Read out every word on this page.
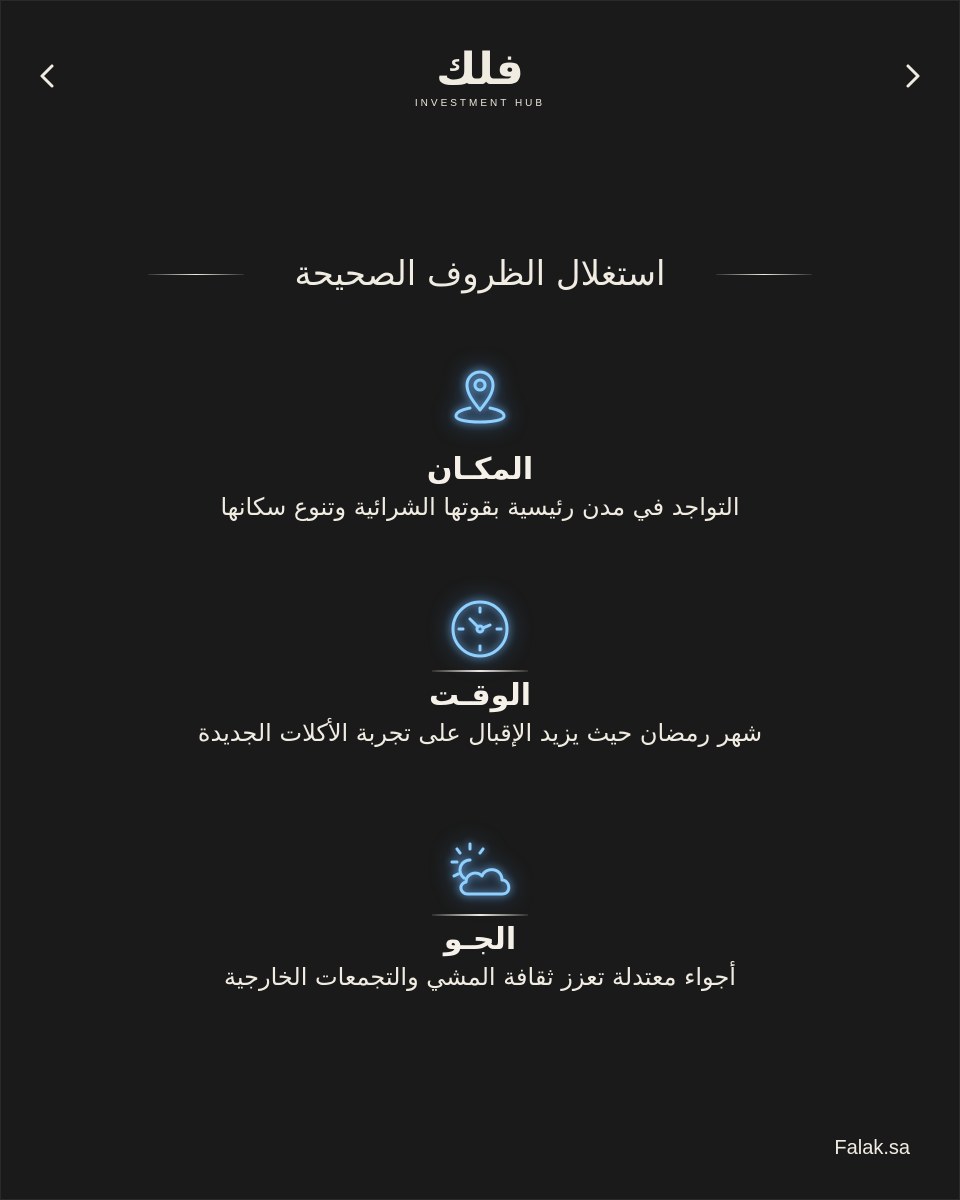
فلك
INVESTMENT HUB
استغلال الظروف الصحيحة
المكـان
التواجد في مدن رئيسية بقوتها الشرائية وتنوع سكانها
الوقـت
شهر رمضان حيث يزيد الإقبال على تجربة الأكلات الجديدة
الجـو
أجواء معتدلة تعزز ثقافة المشي والتجمعات الخارجية
Falak.sa
